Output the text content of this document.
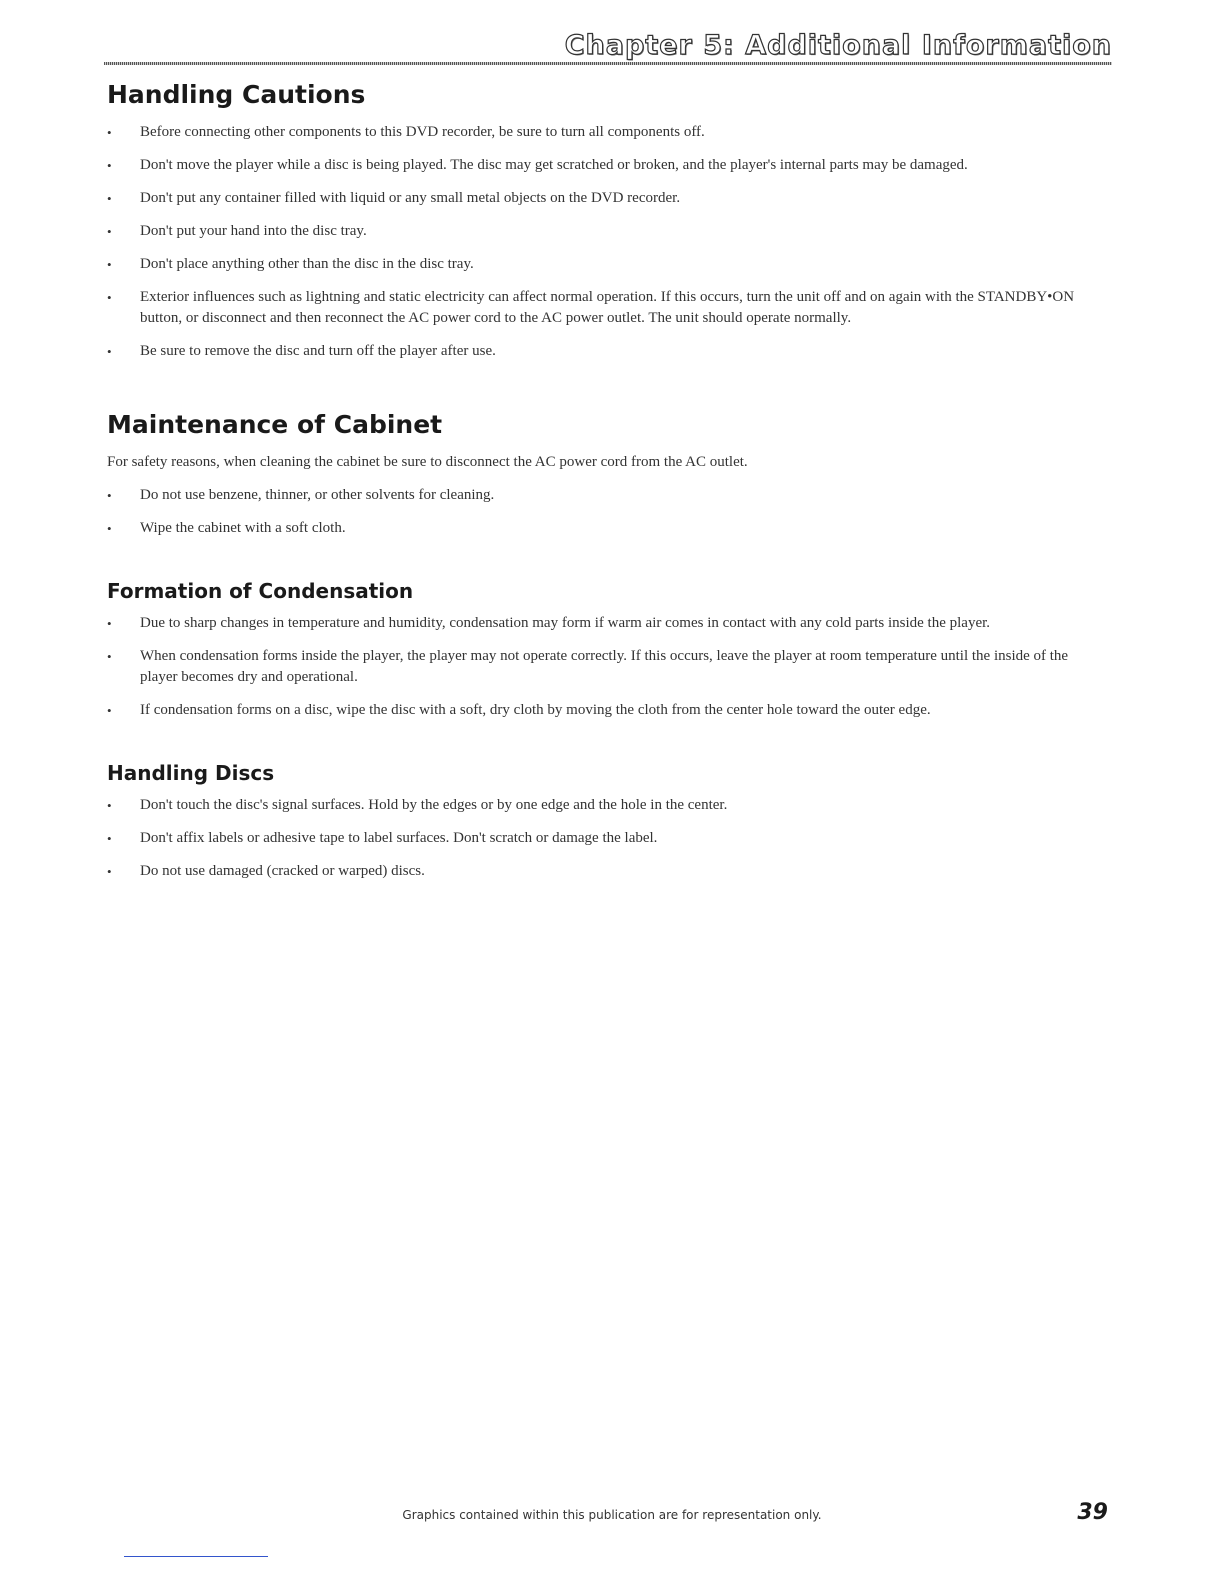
Chapter 5: Additional Information
Handling Cautions
• Before connecting other components to this DVD recorder, be sure to turn all components off.
• Don't move the player while a disc is being played. The disc may get scratched or broken, and the player's internal parts may be damaged.
• Don't put any container filled with liquid or any small metal objects on the DVD recorder.
• Don't put your hand into the disc tray.
• Don't place anything other than the disc in the disc tray.
• Exterior influences such as lightning and static electricity can affect normal operation. If this occurs, turn the unit off and on again with the STANDBY•ON button, or disconnect and then reconnect the AC power cord to the AC power outlet. The unit should operate normally.
• Be sure to remove the disc and turn off the player after use.
Maintenance of Cabinet

For safety reasons, when cleaning the cabinet be sure to disconnect the AC power cord from the AC outlet.

• Do not use benzene, thinner, or other solvents for cleaning.
• Wipe the cabinet with a soft cloth.
Formation of Condensation
• Due to sharp changes in temperature and humidity, condensation may form if warm air comes in contact with any cold parts inside the player.
• When condensation forms inside the player, the player may not operate correctly. If this occurs, leave the player at room temperature until the inside of the player becomes dry and operational.
• If condensation forms on a disc, wipe the disc with a soft, dry cloth by moving the cloth from the center hole toward the outer edge.
Handling Discs
• Don't touch the disc's signal surfaces. Hold by the edges or by one edge and the hole in the center.
• Don't affix labels or adhesive tape to label surfaces. Don't scratch or damage the label.
• Do not use damaged (cracked or warped) discs.
Graphics contained within this publication are for representation only.	39
